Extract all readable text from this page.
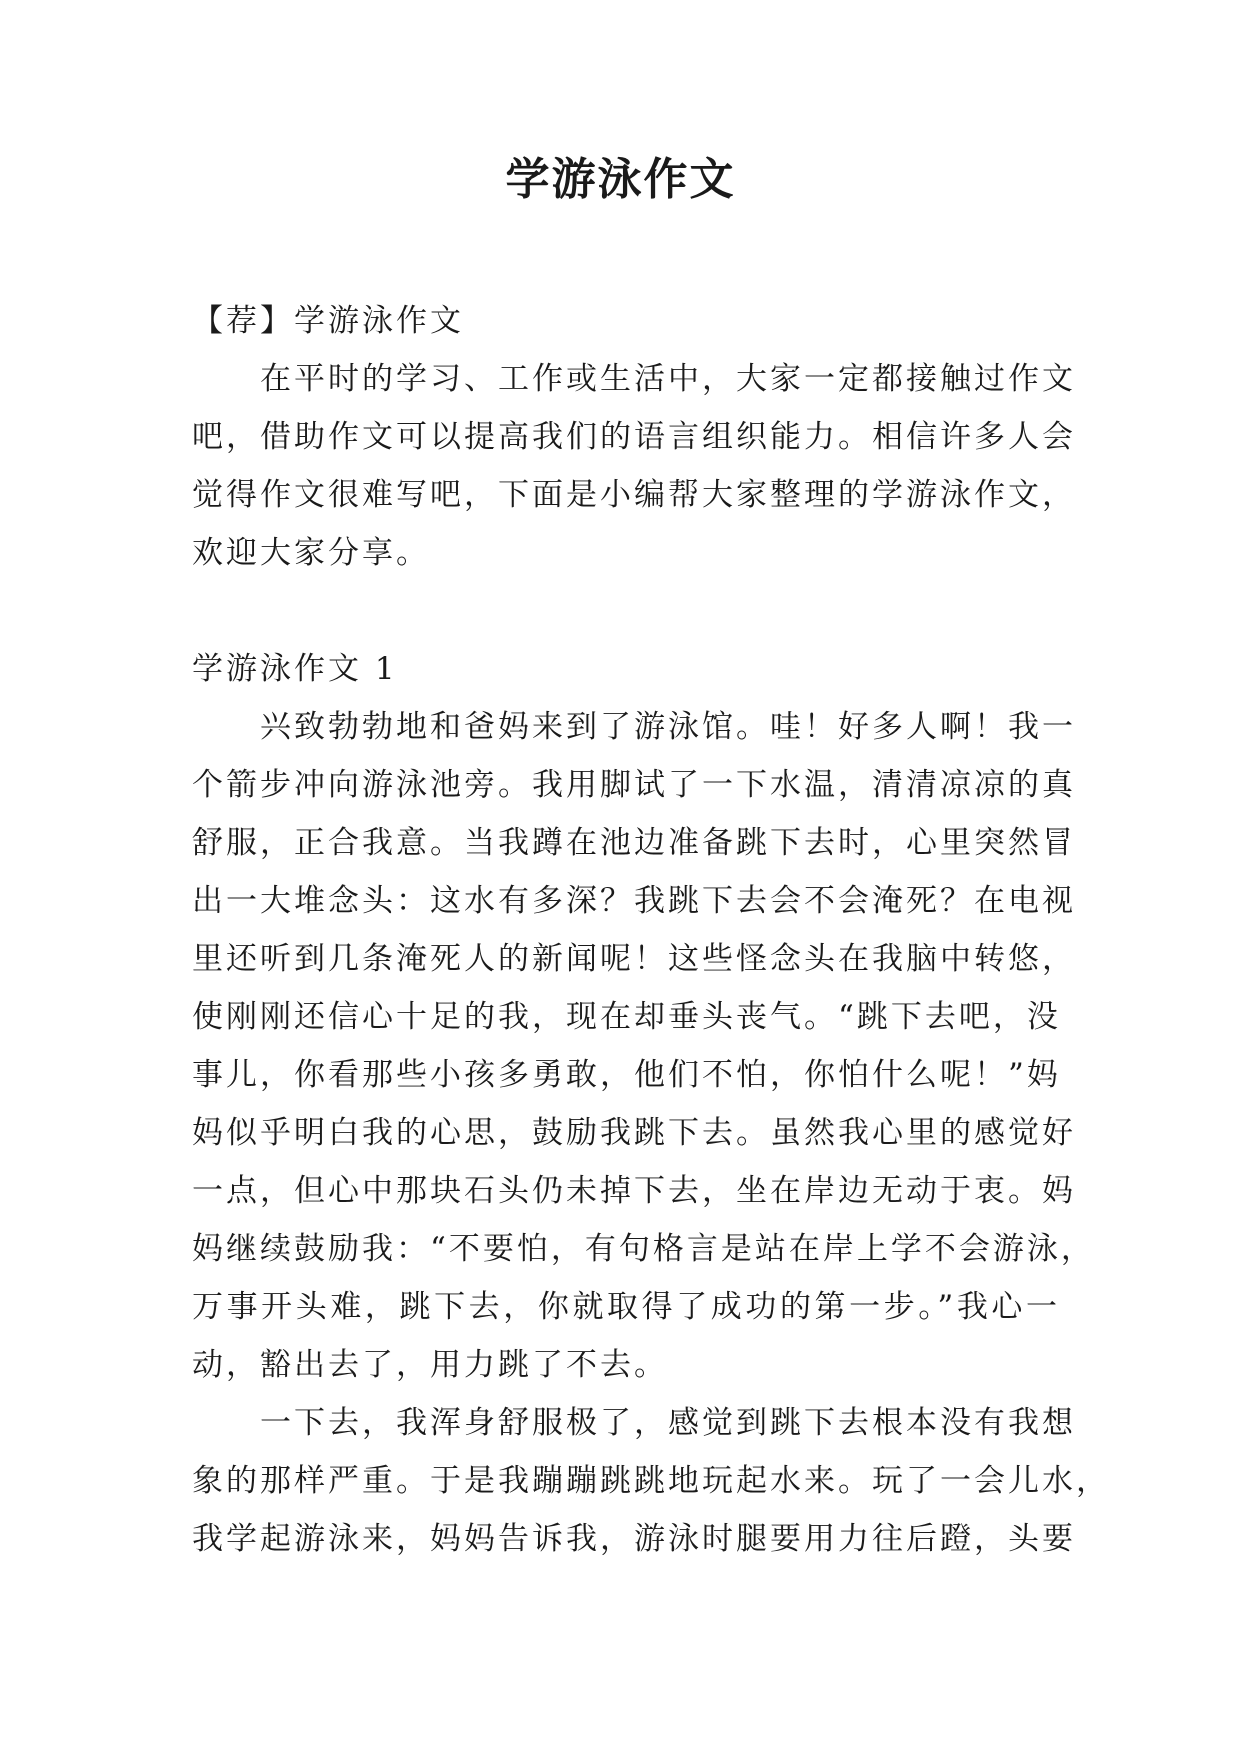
学游泳作文

【荐】学游泳作文

在平时的学习、工作或生活中，大家一定都接触过作文

吧，借助作文可以提高我们的语言组织能力。相信许多人会

觉得作文很难写吧，下面是小编帮大家整理的学游泳作文，

欢迎大家分享。

学游泳作文 1

兴致勃勃地和爸妈来到了游泳馆。哇！好多人啊！我一

个箭步冲向游泳池旁。我用脚试了一下水温，清清凉凉的真

舒服，正合我意。当我蹲在池边准备跳下去时，心里突然冒

出一大堆念头：这水有多深？我跳下去会不会淹死？在电视

里还听到几条淹死人的新闻呢！这些怪念头在我脑中转悠，

使刚刚还信心十足的我，现在却垂头丧气。“跳下去吧，没

事儿，你看那些小孩多勇敢，他们不怕，你怕什么呢！”妈

妈似乎明白我的心思，鼓励我跳下去。虽然我心里的感觉好

一点，但心中那块石头仍未掉下去，坐在岸边无动于衷。妈

妈继续鼓励我：“不要怕，有句格言是站在岸上学不会游泳，

万事开头难，跳下去，你就取得了成功的第一步。”我心一

动，豁出去了，用力跳了不去。

一下去，我浑身舒服极了，感觉到跳下去根本没有我想

象的那样严重。于是我蹦蹦跳跳地玩起水来。玩了一会儿水，

我学起游泳来，妈妈告诉我，游泳时腿要用力往后蹬，头要
